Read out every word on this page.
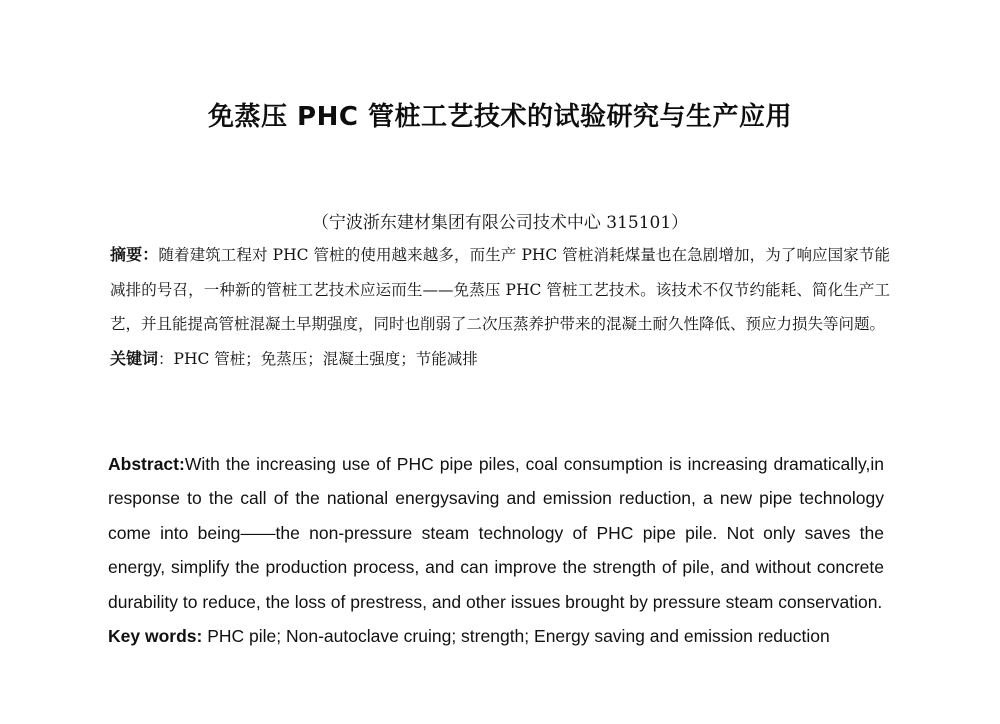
免蒸压 PHC 管桩工艺技术的试验研究与生产应用
（宁波浙东建材集团有限公司技术中心 315101）
摘要：随着建筑工程对 PHC 管桩的使用越来越多，而生产 PHC 管桩消耗煤量也在急剧增加，为了响应国家节能减排的号召，一种新的管桩工艺技术应运而生——免蒸压 PHC 管桩工艺技术。该技术不仅节约能耗、简化生产工艺，并且能提高管桩混凝土早期强度，同时也削弱了二次压蒸养护带来的混凝土耐久性降低、预应力损失等问题。
关键词：PHC 管桩；免蒸压；混凝土强度；节能减排
Abstract:With the increasing use of PHC pipe piles, coal consumption is increasing dramatically,in response to the call of the national energysaving and emission reduction, a new pipe technology come into being——the non-pressure steam technology of PHC pipe pile. Not only saves the energy, simplify the production process, and can improve the strength of pile, and without concrete durability to reduce, the loss of prestress, and other issues brought by pressure steam conservation.
Key words: PHC pile; Non-autoclave cruing; strength; Energy saving and emission reduction
